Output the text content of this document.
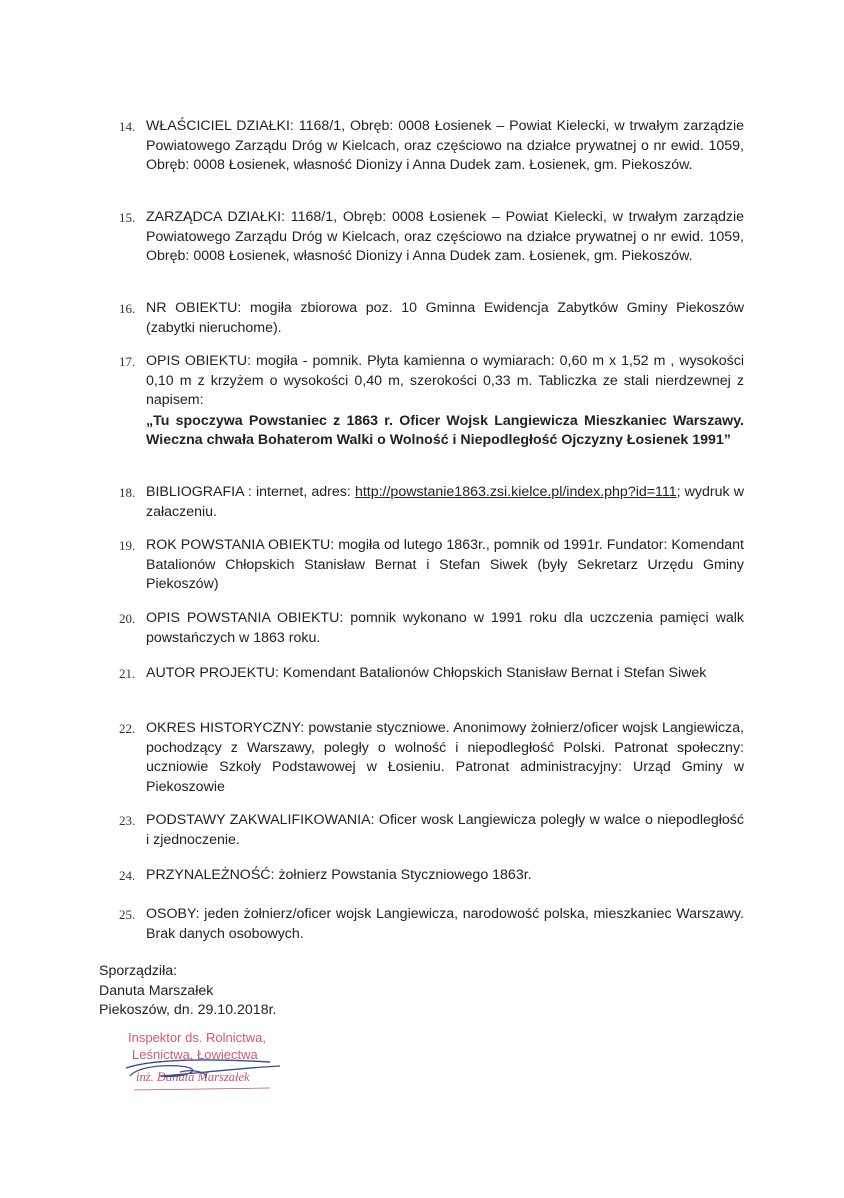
14. WŁAŚCICIEL DZIAŁKI: 1168/1, Obręb: 0008 Łosienek – Powiat Kielecki, w trwałym zarządzie Powiatowego Zarządu Dróg w Kielcach, oraz częściowo na działce prywatnej o nr ewid. 1059, Obręb: 0008 Łosienek, własność Dionizy i Anna Dudek zam. Łosienek, gm. Piekoszów.
15. ZARZĄDCA DZIAŁKI: 1168/1, Obręb: 0008 Łosienek – Powiat Kielecki, w trwałym zarządzie Powiatowego Zarządu Dróg w Kielcach, oraz częściowo na działce prywatnej o nr ewid. 1059, Obręb: 0008 Łosienek, własność Dionizy i Anna Dudek zam. Łosienek, gm. Piekoszów.
16. NR OBIEKTU: mogiła zbiorowa poz. 10 Gminna Ewidencja Zabytków Gminy Piekoszów (zabytki nieruchome).
17. OPIS OBIEKTU: mogiła - pomnik. Płyta kamienna o wymiarach: 0,60 m x 1,52 m , wysokości 0,10 m z krzyżem o wysokości 0,40 m, szerokości 0,33 m. Tabliczka ze stali nierdzewnej z napisem:
„Tu spoczywa Powstaniec z 1863 r. Oficer Wojsk Langiewicza Mieszkaniec Warszawy. Wieczna chwała Bohaterom Walki o Wolność i Niepodległość Ojczyzny Łosienek 1991”
18. BIBLIOGRAFIA : internet, adres: http://powstanie1863.zsi.kielce.pl/index.php?id=111; wydruk w załaczeniu.
19. ROK POWSTANIA OBIEKTU: mogiła od lutego 1863r., pomnik od 1991r. Fundator: Komendant Batalionów Chłopskich Stanisław Bernat i Stefan Siwek (były Sekretarz Urzędu Gminy Piekoszów)
20. OPIS POWSTANIA OBIEKTU: pomnik wykonano w 1991 roku dla uczczenia pamięci walk powstańczych w 1863 roku.
21. AUTOR PROJEKTU: Komendant Batalionów Chłopskich Stanisław Bernat i Stefan Siwek
22. OKRES HISTORYCZNY: powstanie styczniowe. Anonimowy żołnierz/oficer wojsk Langiewicza, pochodzący z Warszawy, poległy o wolność i niepodległość Polski. Patronat społeczny: uczniowie Szkoły Podstawowej w Łosieniu. Patronat administracyjny: Urząd Gminy w Piekoszowie
23. PODSTAWY ZAKWALIFIKOWANIA: Oficer wosk Langiewicza poległy w walce o niepodległość i zjednoczenie.
24. PRZYNALEŻNOŚĆ: żołnierz Powstania Styczniowego 1863r.
25. OSOBY: jeden żołnierz/oficer wojsk Langiewicza, narodowość polska, mieszkaniec Warszawy. Brak danych osobowych.
Sporządziła:
Danuta Marszałek
Piekoszów, dn. 29.10.2018r.
Inspektor ds. Rolnictwa,
Leśnictwa, Łowiectwa
inż. Danuta Marszałek
